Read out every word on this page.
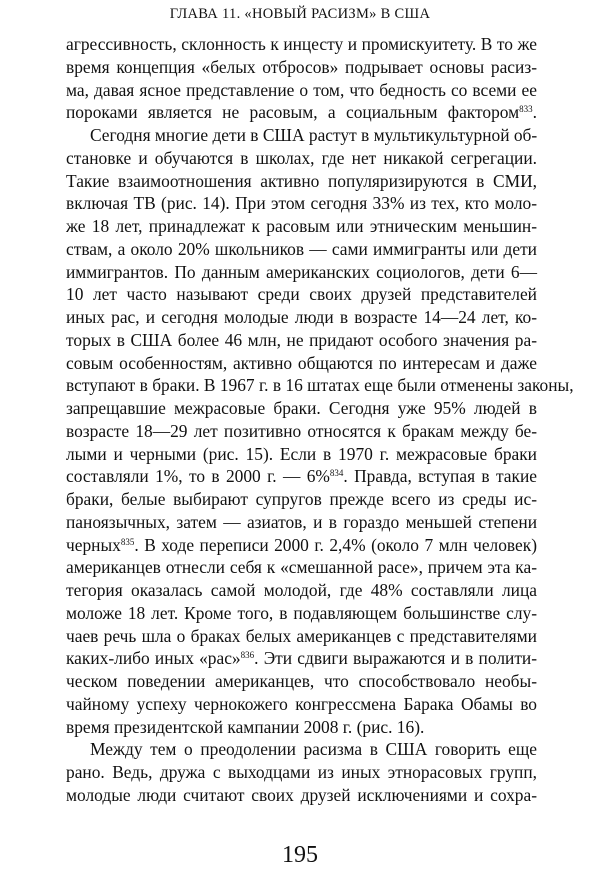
ГЛАВА 11. «НОВЫЙ РАСИЗМ» В США
агрессивность, склонность к инцесту и промискуитету. В то же
время концепция «белых отбросов» подрывает основы расиз-
ма, давая ясное представление о том, что бедность со всеми ее
пороками является не расовым, а социальным фактором$^{833}$.
Сегодня многие дети в США растут в мультикультурной об-
становке и обучаются в школах, где нет никакой сегрегации.
Такие взаимоотношения активно популяризируются в СМИ,
включая ТВ (рис. 14). При этом сегодня 33% из тех, кто моло-
же 18 лет, принадлежат к расовым или этническим меньшин-
ствам, а около 20% школьников — сами иммигранты или дети
иммигрантов. По данным американских социологов, дети 6—
10 лет часто называют среди своих друзей представителей
иных рас, и сегодня молодые люди в возрасте 14—24 лет, ко-
торых в США более 46 млн, не придают особого значения ра-
совым особенностям, активно общаются по интересам и даже
вступают в браки. В 1967 г. в 16 штатах еще были отменены законы,
запрещавшие межрасовые браки. Сегодня уже 95% людей в
возрасте 18—29 лет позитивно относятся к бракам между бе-
лыми и черными (рис. 15). Если в 1970 г. межрасовые браки
составляли 1%, то в 2000 г. — 6%$^{834}$. Правда, вступая в такие
браки, белые выбирают супругов прежде всего из среды ис-
паноязычных, затем — азиатов, и в гораздо меньшей степени
черных$^{835}$. В ходе переписи 2000 г. 2,4% (около 7 млн человек)
американцев отнесли себя к «смешанной расе», причем эта ка-
тегория оказалась самой молодой, где 48% составляли лица
моложе 18 лет. Кроме того, в подавляющем большинстве слу-
чаев речь шла о браках белых американцев с представителями
каких-либо иных «рас»$^{836}$. Эти сдвиги выражаются и в полити-
ческом поведении американцев, что способствовало необы-
чайному успеху чернокожего конгрессмена Барака Обамы во
время президентской кампании 2008 г. (рис. 16).
Между тем о преодолении расизма в США говорить еще
рано. Ведь, дружа с выходцами из иных этнорасовых групп,
молодые люди считают своих друзей исключениями и сохра-
195
